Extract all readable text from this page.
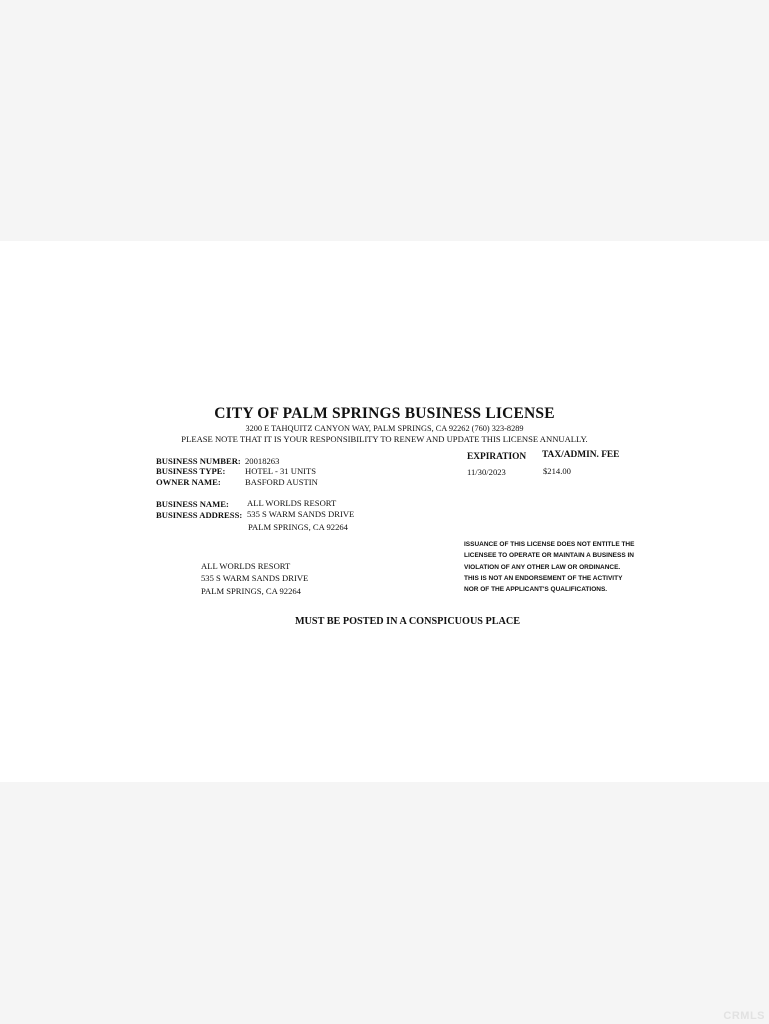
CITY OF PALM SPRINGS BUSINESS LICENSE
3200 E TAHQUITZ CANYON WAY, PALM SPRINGS, CA 92262 (760) 323-8289
PLEASE NOTE THAT IT IS YOUR RESPONSIBILITY TO RENEW AND UPDATE THIS LICENSE ANNUALLY.
BUSINESS NUMBER: 20018263
BUSINESS TYPE: HOTEL - 31 UNITS
OWNER NAME:	BASFORD AUSTIN
BUSINESS NAME: ALL WORLDS RESORT
BUSINESS ADDRESS: 535 S WARM SANDS DRIVE
PALM SPRINGS, CA 92264
EXPIRATION TAX/ADMIN. FEE
11/30/2023	$214.00
ALL WORLDS RESORT
535 S WARM SANDS DRIVE
PALM SPRINGS, CA 92264
ISSUANCE OF THIS LICENSE DOES NOT ENTITLE THE
LICENSEE TO OPERATE OR MAINTAIN A BUSINESS IN
VIOLATION OF ANY OTHER LAW OR ORDINANCE.
THIS IS NOT AN ENDORSEMENT OF THE ACTIVITY
NOR OF THE APPLICANT'S QUALIFICATIONS.
MUST BE POSTED IN A CONSPICUOUS PLACE
CRMLS
